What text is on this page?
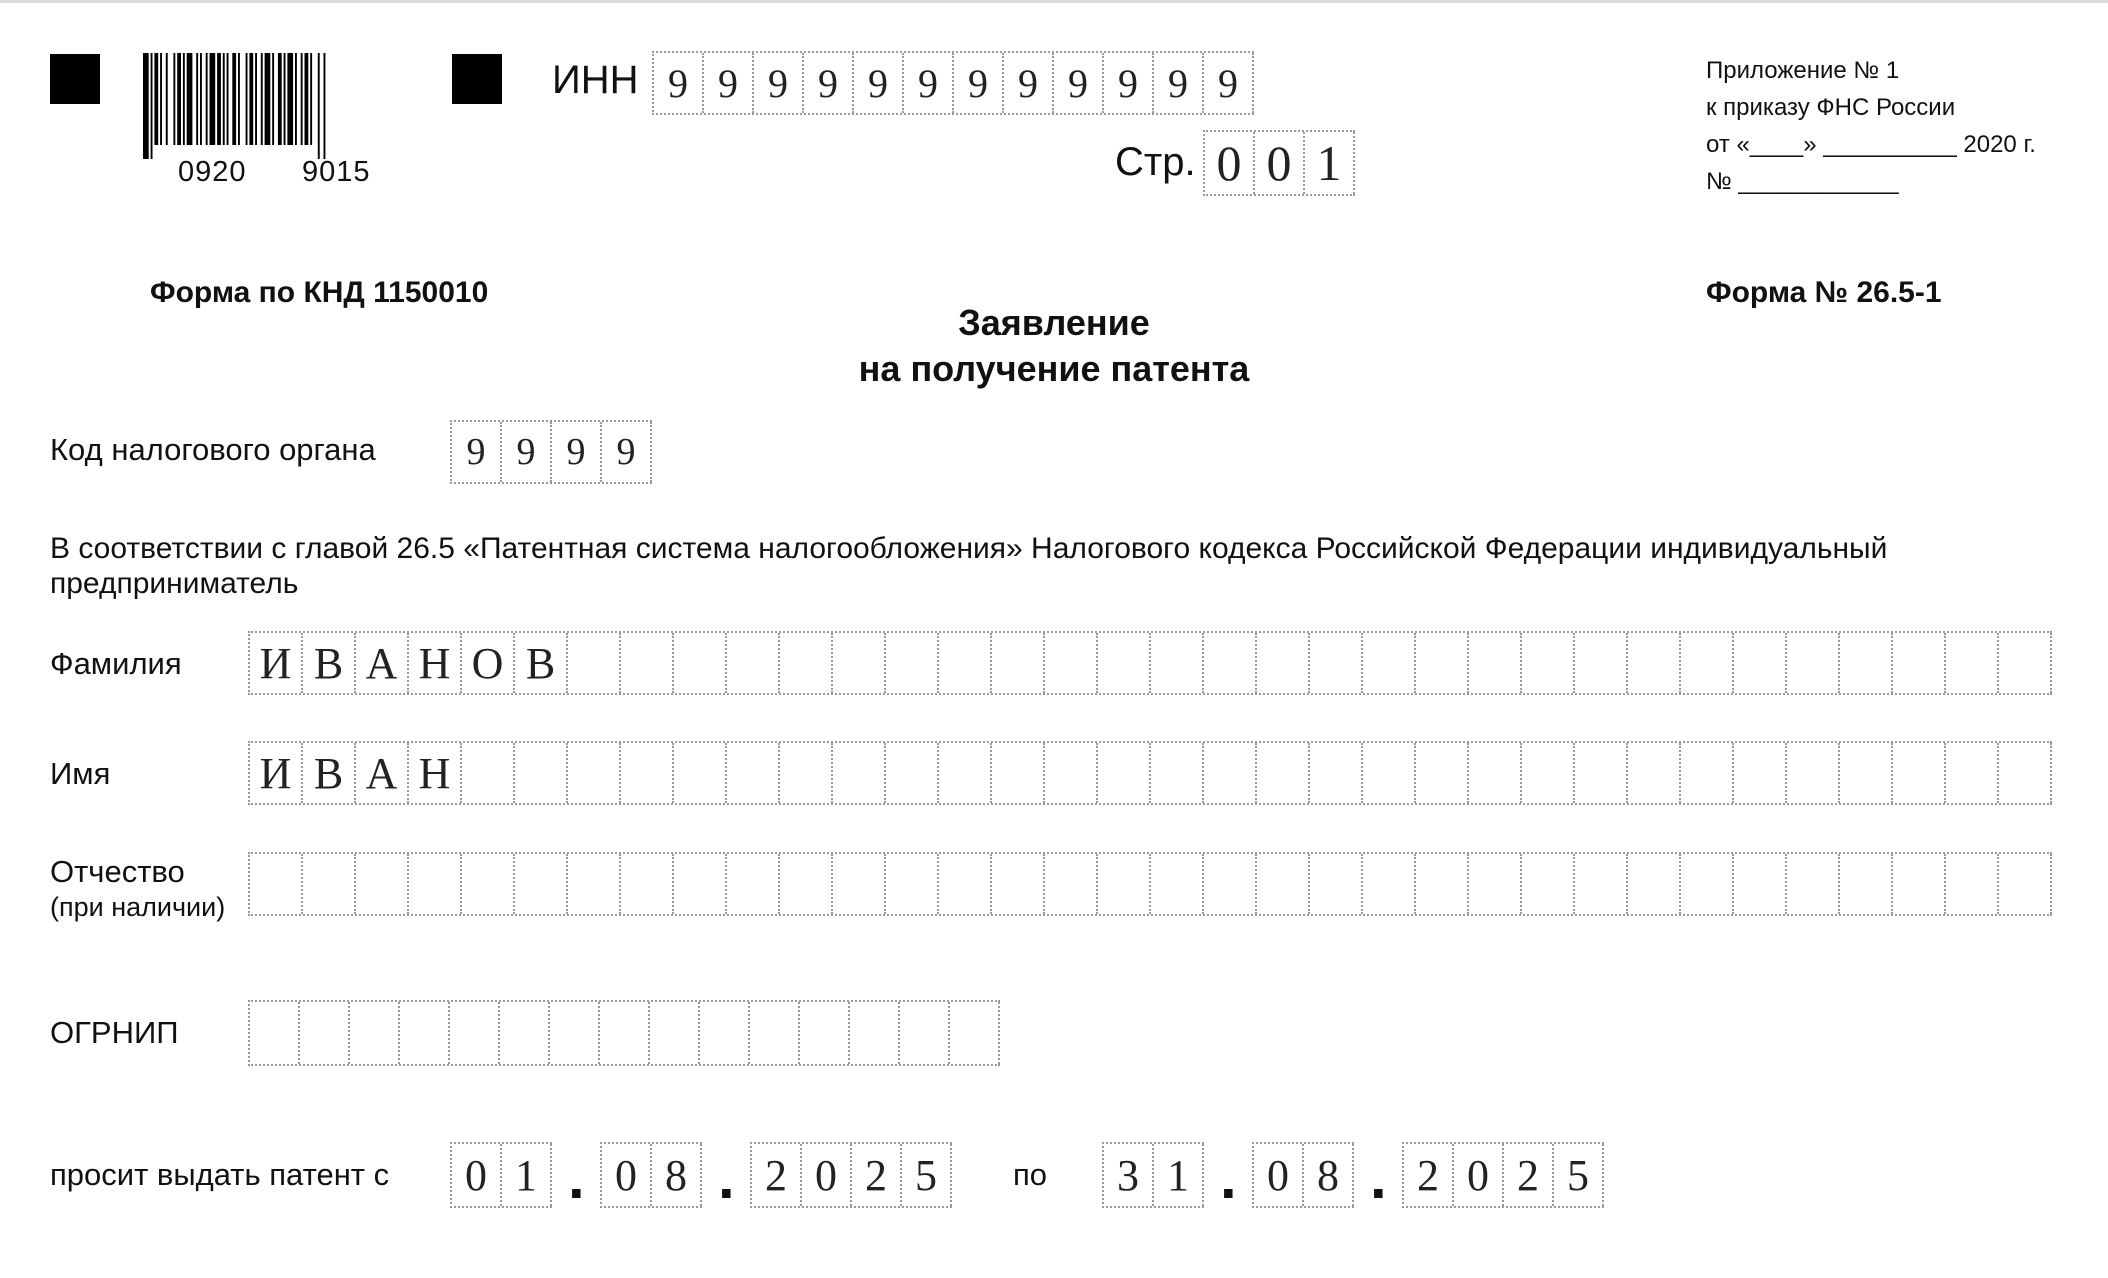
0920 9015
ИНН 9 9 9 9 9 9 9 9 9 9 9 9
Стр. 0 0 1
Приложение № 1
к приказу ФНС России
от «____» __________ 2020 г.
№ ____________
Форма по КНД 1150010	Форма № 26.5-1
Заявление
на получение патента
Код налогового органа	9 9 9 9
В соответствии с главой 26.5 «Патентная система налогообложения» Налогового кодекса Российской Федерации индивидуальный
предприниматель
Фамилия И В А Н О В
Имя	И В А Н
Отчество
(при наличии)
ОГРНИП
просит выдать патент с 0 1 . 0 8 . 2 0 2 5	по 3 1 . 0 8 . 2 0 2 5
